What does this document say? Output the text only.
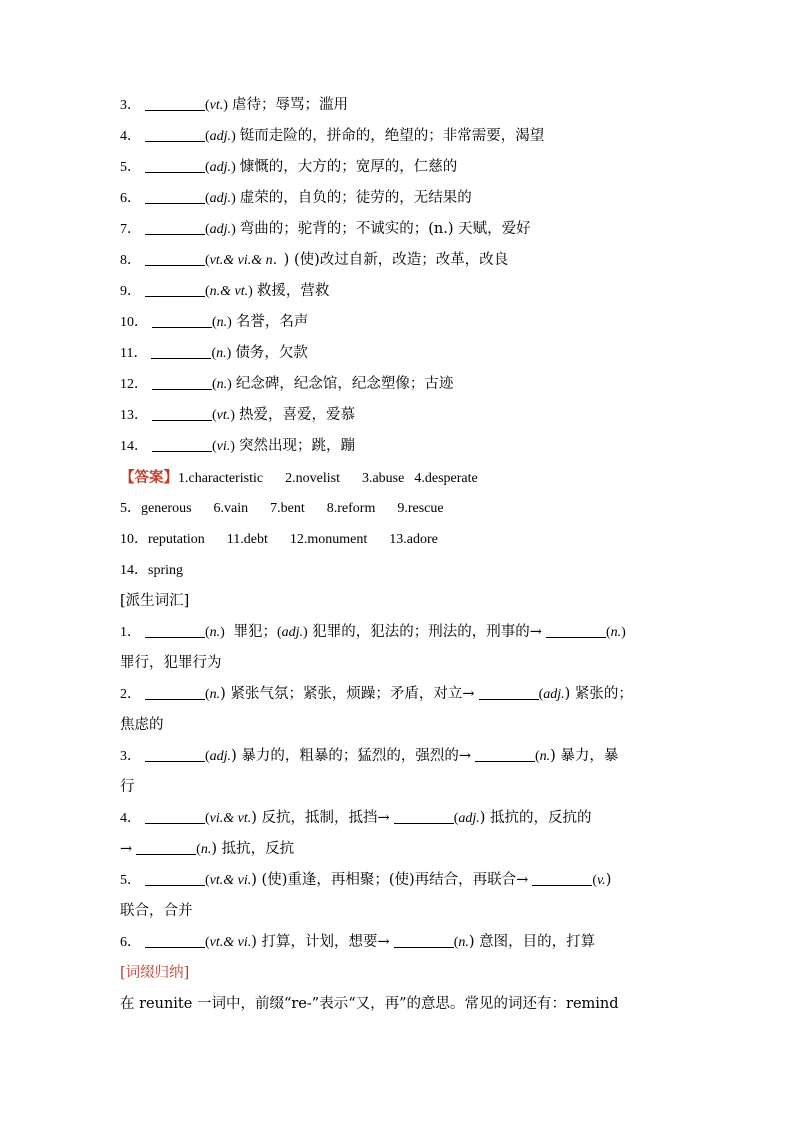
3．	(vt.) 虐待；辱骂；滥用
4．	(adj.) 铤而走险的，拼命的，绝望的；非常需要，渴望
5．	(adj.) 慷慨的，大方的；宽厚的，仁慈的
6．	(adj.) 虚荣的，自负的；徒劳的，无结果的
7．	(adj.) 弯曲的；驼背的；不诚实的；(n.) 天赋，爱好
8．	(vt.& vi.& n． ) (使)改过自新，改造；改革，改良
9．	(n.& vt.) 救援，营救
10．	(n.) 名誉，名声
11．	(n.) 债务，欠款
12．	(n.) 纪念碑，纪念馆，纪念塑像；古迹
13．	(vt.) 热爱，喜爱，爱慕
14．	(vi.) 突然出现；跳，蹦
【答案】1.characteristic 2.novelist 3.abuse 4.desperate
5．generous 6.vain 7.bent 8.reform 9.rescue
10．reputation 11.debt 12.monument 13.adore
14．spring
[派生词汇]
1．	(n.) 罪犯；(adj.) 犯罪的，犯法的；刑法的，刑事的→	(n.)
罪行，犯罪行为
2．	(n.) 紧张气氛；紧张，烦躁；矛盾，对立→	(adj.) 紧张的；
焦虑的
3．	(adj.) 暴力的，粗暴的；猛烈的，强烈的→	(n.) 暴力，暴
行
4．	(vi.& vt.) 反抗，抵制，抵挡→	(adj.) 抵抗的，反抗的
→	(n.) 抵抗，反抗
5．	(vt.& vi.) (使)重逢，再相聚；(使)再结合，再联合→	(v.)
联合，合并
6．	(vt.& vi.) 打算，计划，想要→	(n.) 意图，目的，打算
[词缀归纳]
在 reunite 一词中，前缀“re-”表示“又，再”的意思。常见的词还有：remind
